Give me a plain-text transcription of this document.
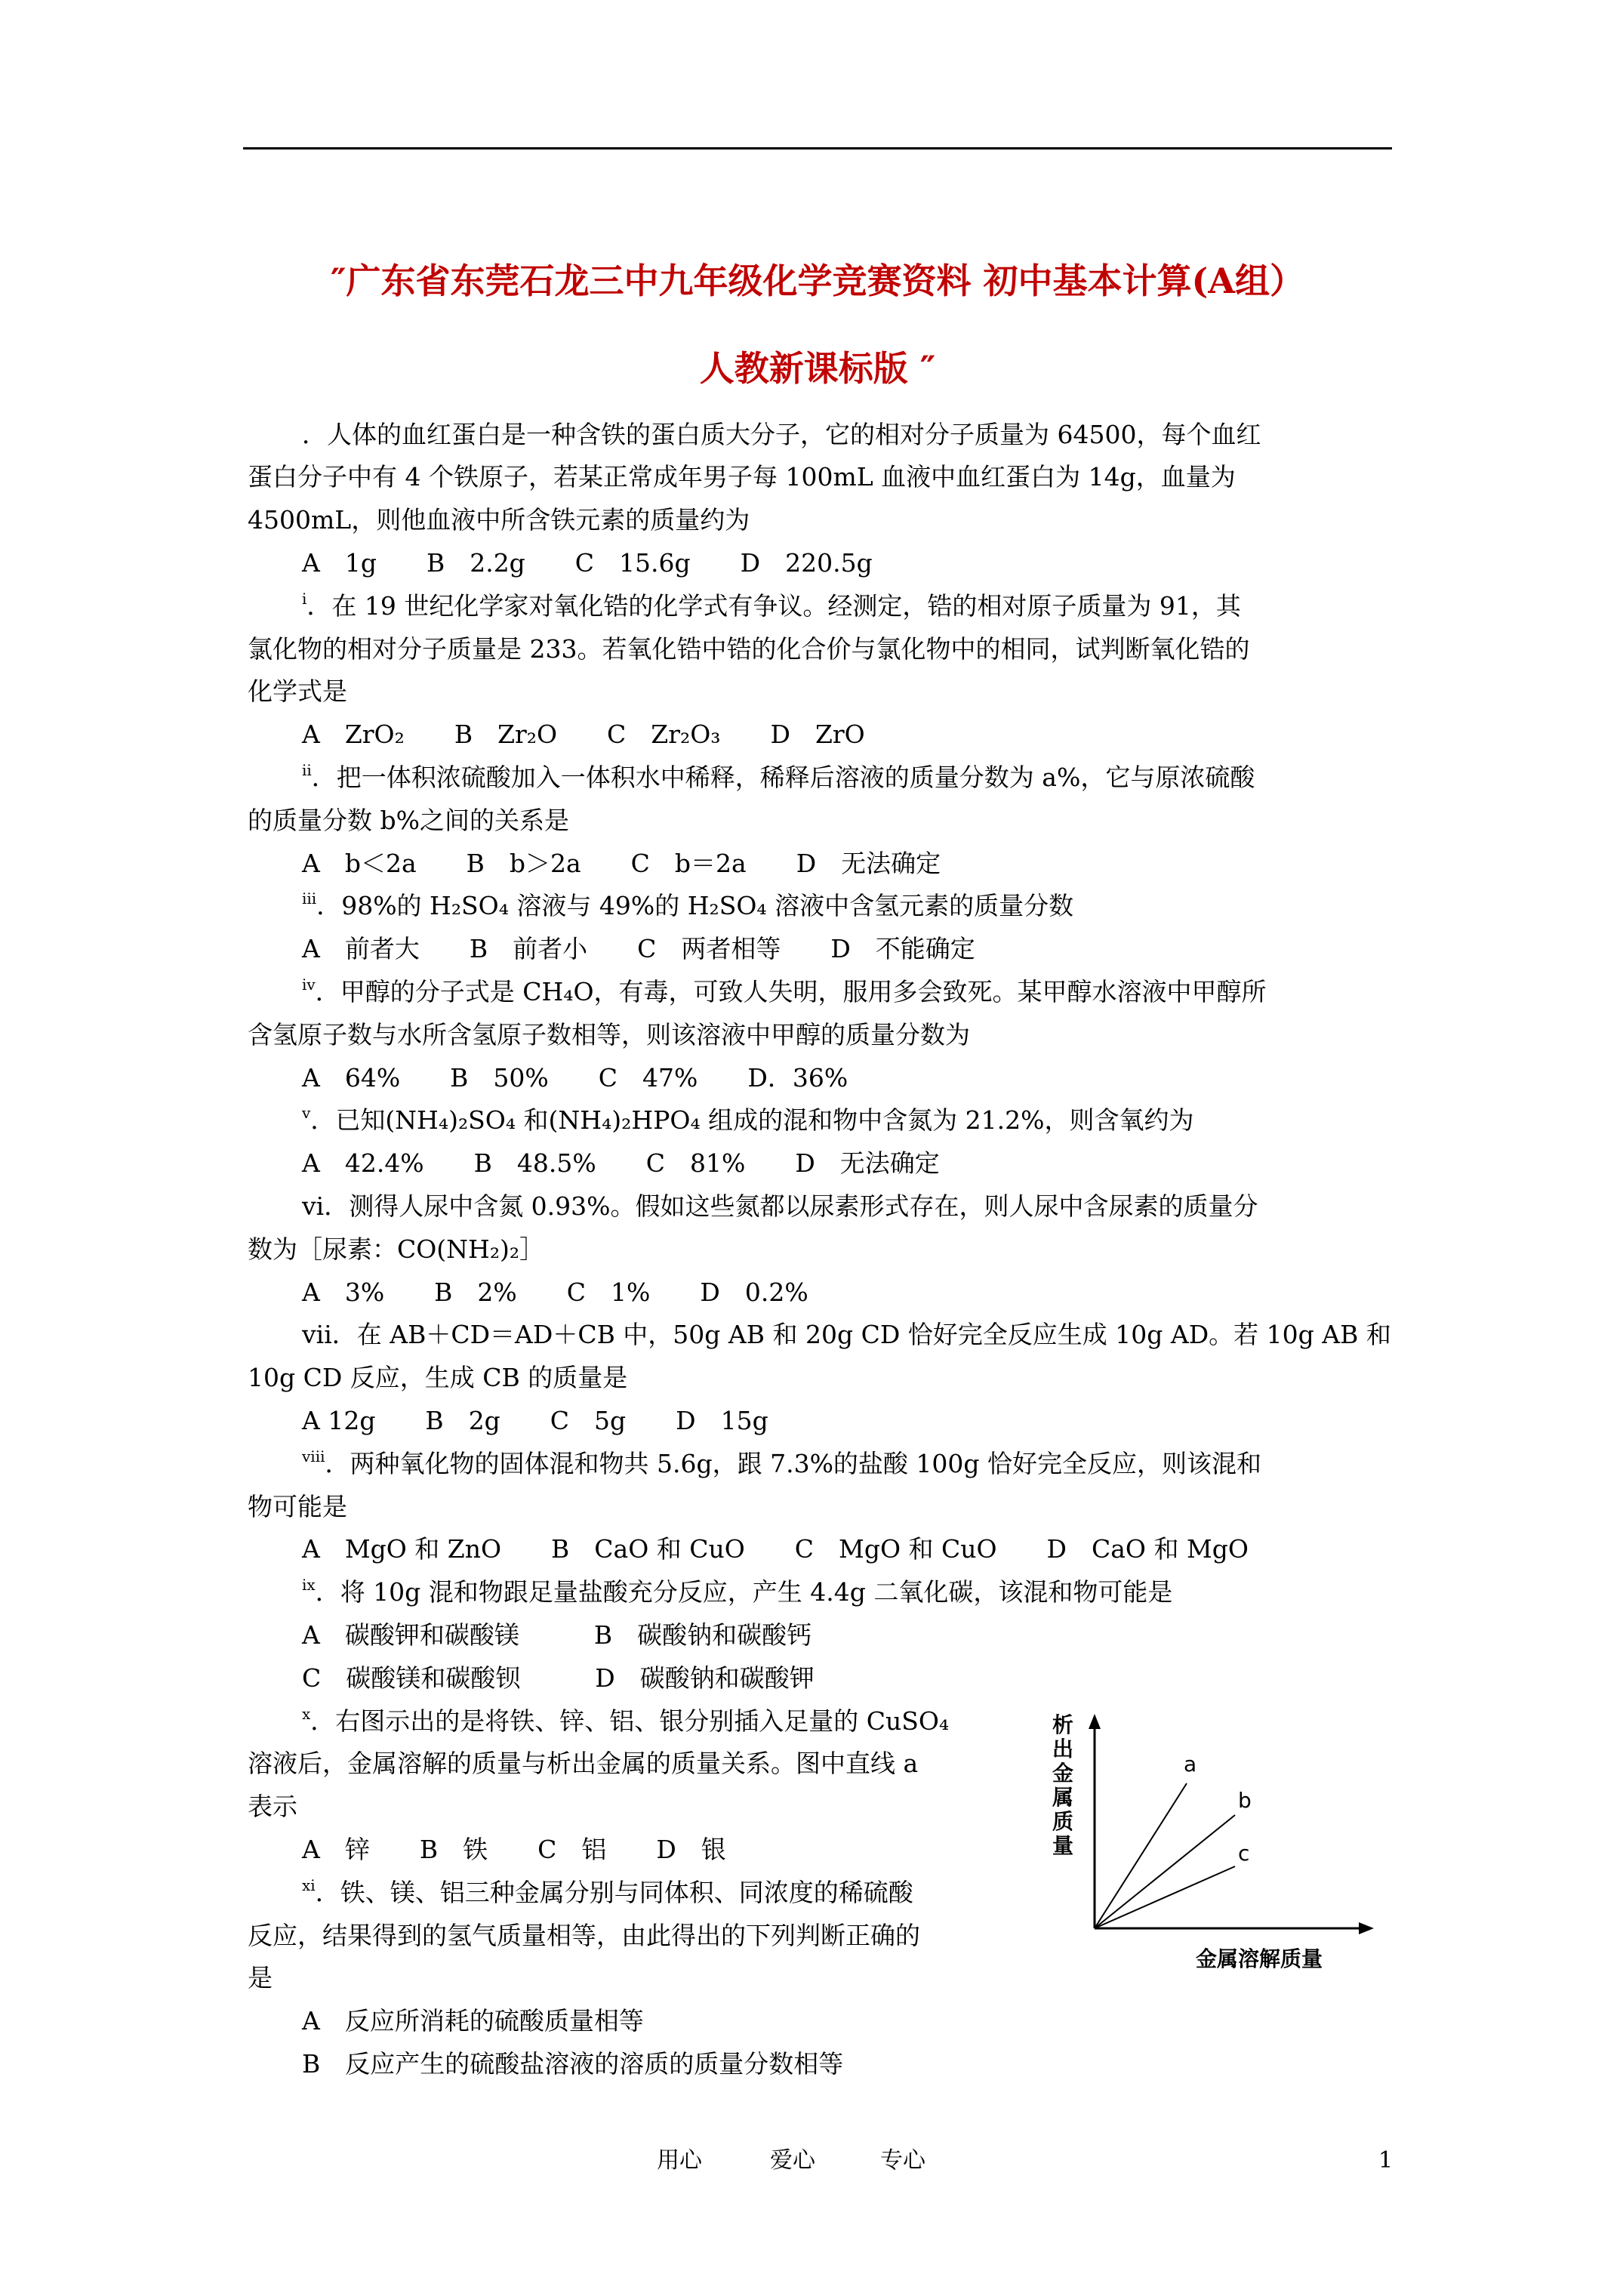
″广东省东莞石龙三中九年级化学竞赛资料 初中基本计算(A组）
人教新课标版 ″
．人体的血红蛋白是一种含铁的蛋白质大分子，它的相对分子质量为 64500，每个血红
蛋白分子中有 4 个铁原子，若某正常成年男子每 100mL 血液中血红蛋白为 14g，血量为
4500mL，则他血液中所含铁元素的质量约为
A　1g　　B　2.2g　　C　15.6g　　D　220.5g
$^i$．在 19 世纪化学家对氧化锆的化学式有争议。经测定，锆的相对原子质量为 91，其
氯化物的相对分子质量是 233。若氧化锆中锆的化合价与氯化物中的相同，试判断氧化锆的
化学式是
A　ZrO₂　　B　Zr₂O　　C　Zr₂O₃　　D　ZrO
$^{ii}$．把一体积浓硫酸加入一体积水中稀释，稀释后溶液的质量分数为 a%，它与原浓硫酸
的质量分数 b%之间的关系是
A　b＜2a　　B　b＞2a　　C　b＝2a　　D　无法确定
$^{iii}$．98%的 H₂SO₄ 溶液与 49%的 H₂SO₄ 溶液中含氢元素的质量分数
A　前者大　　B　前者小　　C　两者相等　　D　不能确定
$^{iv}$．甲醇的分子式是 CH₄O，有毒，可致人失明，服用多会致死。某甲醇水溶液中甲醇所
含氢原子数与水所含氢原子数相等，则该溶液中甲醇的质量分数为
A　64%　　B　50%　　C　47%　　D．36%
$^v$．已知(NH₄)₂SO₄ 和(NH₄)₂HPO₄ 组成的混和物中含氮为 21.2%，则含氧约为
A　42.4%　　B　48.5%　　C　81%　　D　无法确定
vi．测得人尿中含氮 0.93%。假如这些氮都以尿素形式存在，则人尿中含尿素的质量分
数为［尿素：CO(NH₂)₂］
A　3%　　B　2%　　C　1%　　D　0.2%
vii．在 AB＋CD＝AD＋CB 中，50g AB 和 20g CD 恰好完全反应生成 10g AD。若 10g AB 和
10g CD 反应，生成 CB 的质量是
A 12g　　B　2g　　C　5g　　D　15g
$^{viii}$．两种氧化物的固体混和物共 5.6g，跟 7.3%的盐酸 100g 恰好完全反应，则该混和
物可能是
A　MgO 和 ZnO　　B　CaO 和 CuO　　C　MgO 和 CuO　　D　CaO 和 MgO
$^{ix}$．将 10g 混和物跟足量盐酸充分反应，产生 4.4g 二氧化碳，该混和物可能是
A　碳酸钾和碳酸镁　　　B　碳酸钠和碳酸钙
C　碳酸镁和碳酸钡　　　D　碳酸钠和碳酸钾
$^x$．右图示出的是将铁、锌、铝、银分别插入足量的 CuSO₄
溶液后，金属溶解的质量与析出金属的质量关系。图中直线 a
表示
A　锌　　B　铁　　C　铝　　D　银
$^{xi}$．铁、镁、铝三种金属分别与同体积、同浓度的稀硫酸
反应，结果得到的氢气质量相等，由此得出的下列判断正确的
是
A　反应所消耗的硫酸质量相等
B　反应产生的硫酸盐溶液的溶质的质量分数相等
析
出
金
属
质
量
a
b
c
金属溶解质量
用心	爱心	专心	1
